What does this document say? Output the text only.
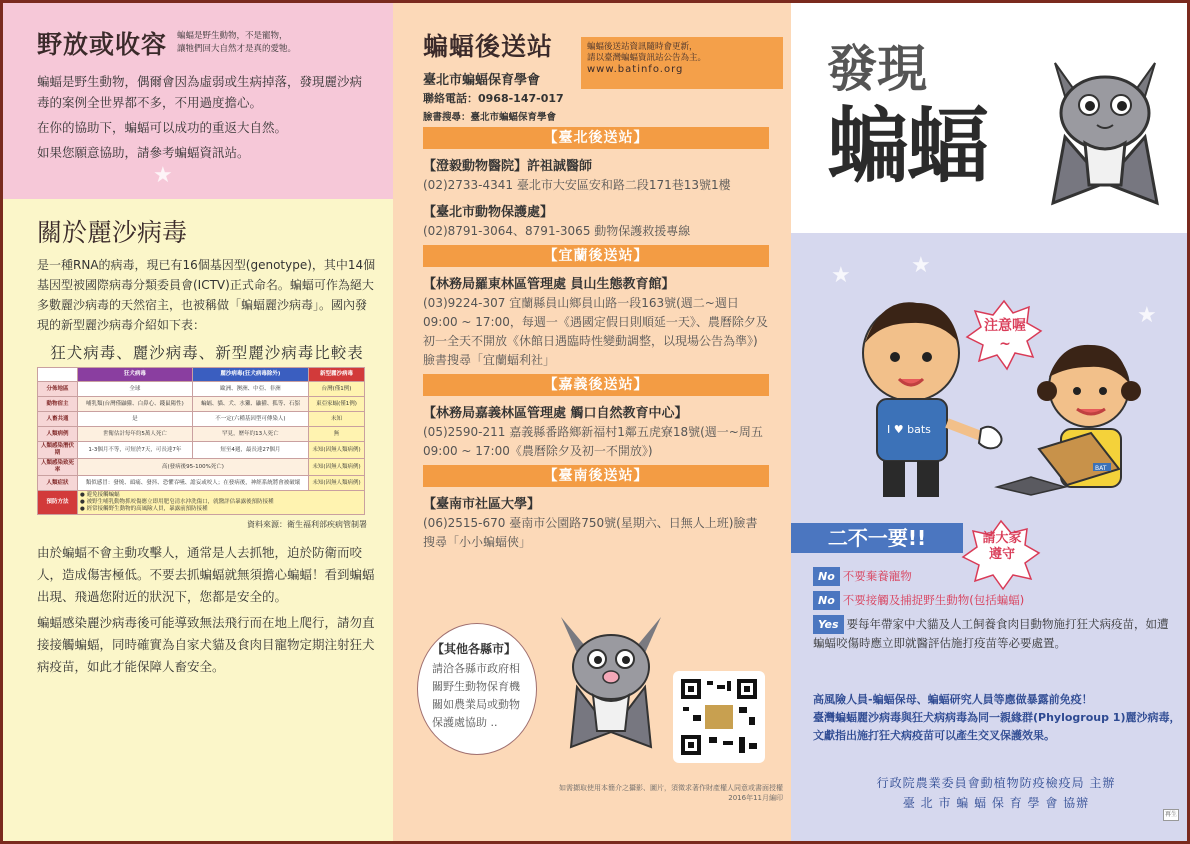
野放或收容 蝙蝠是野生動物，不是寵物，
讓牠們回大自然才是真的愛牠。
蝙蝠是野生動物，偶爾會因為虛弱或生病掉落，發現麗沙病毒的案例全世界都不多，不用過度擔心。
在你的協助下，蝙蝠可以成功的重返大自然。
如果您願意協助，請參考蝙蝠資訊站。
★
關於麗沙病毒
是一種RNA的病毒，現已有16個基因型(genotype)，其中14個基因型被國際病毒分類委員會(ICTV)正式命名。蝙蝠可作為絕大多數麗沙病毒的天然宿主，也被稱做「蝙蝠麗沙病毒」。國內發現的新型麗沙病毒介紹如下表：
狂犬病毒、麗沙病毒、新型麗沙病毒比較表
	狂犬病毒	麗沙病毒(狂犬病毒除外)	新型麗沙病毒
分佈地區	全球	歐洲、澳洲、中亞、非洲	台灣(僅1例)
動物宿主	哺乳類(台灣僅鼬獾、白鼻心、錢鼠陽性)	蝙蝠、貓、犬、水獺、鼬獾、狐等、石貂	東亞家蝠(僅1例)
人畜共通	是	不一定(六種基因型可傳染人)	未知
人類病例	世衛估計每年約5萬人死亡	罕見，歷年約13人死亡	無
人類感染潛伏期	1-3個月不等，可短於7天，可長達7年	短至4週，最長達27個月	未知(因無人類病例)
人類感染致死率	高(發病後95-100%死亡)		未知(因無人類病例)
人類症狀	類似感冒：發燒、頭痛、發抖、恐懼吞嚥、譫妄或咬人；在發病後，神經系統將會被破壞		未知(因無人類病例)
預防方法	● 避免接觸蝙蝠
● 被野生哺乳動物抓咬傷應立即用肥皂清水沖洗傷口，就醫評估暴露後預防接種
● 經常接觸野生動物的高風險人員，暴露前預防接種		
資料來源：衛生福利部疾病管制署
由於蝙蝠不會主動攻擊人，通常是人去抓牠，迫於防衛而咬人，造成傷害極低。不要去抓蝙蝠就無須擔心蝙蝠！看到蝙蝠出現、飛過您附近的狀況下，您都是安全的。
蝙蝠感染麗沙病毒後可能導致無法飛行而在地上爬行，請勿直接接觸蝙蝠，同時確實為自家犬貓及食肉目寵物定期注射狂犬病疫苗，如此才能保障人畜安全。
蝙蝠後送站
臺北市蝙蝠保育學會
聯絡電話：0968-147-017
臉書搜尋：臺北市蝙蝠保育學會
【臺北後送站】
【澄毅動物醫院】許祖誠醫師
(02)2733-4341 臺北市大安區安和路二段171巷13號1樓
【臺北市動物保護處】
(02)8791-3064、8791-3065 動物保護救援專線
【宜蘭後送站】
【林務局羅東林區管理處 員山生態教育館】
(03)9224-307 宜蘭縣員山鄉員山路一段163號(週二~週日 09:00 ~ 17:00，每週一《遇國定假日則順延一天》、農曆除夕及初一全天不開放《休館日遇臨時性變動調整，以現場公告為準》)臉書搜尋「宜蘭蝠利社」
【嘉義後送站】
【林務局嘉義林區管理處 觸口自然教育中心】
(05)2590-211 嘉義縣番路鄉新福村1鄰五虎寮18號(週一~周五 09:00 ~ 17:00《農曆除夕及初一不開放》)
【臺南後送站】
【臺南市社區大學】
(06)2515-670 臺南市公園路750號(星期六、日無人上班)臉書搜尋「小小蝙蝠俠」
蝙蝠後送站資訊隨時會更新，
請以臺灣蝙蝠資訊站公告為主。
www.batinfo.org
【其他各縣市】
請洽各縣市政府相關野生動物保育機關如農業局或動物保護處協助 ..
如需擷取使用本簡介之攝影、圖片，須徵求著作財產權人同意或書面授權
2016年11月編印
發現
蝙蝠
★	★
★
I ♥ bats
BAT
注意喔~
二不一要!!	請大家遵守
No 不要棄養寵物
No 不要接觸及捕捉野生動物(包括蝙蝠)
Yes 要每年帶家中犬貓及人工飼養食肉目動物施打狂犬病疫苗，如遭蝙蝠咬傷時應立即就醫評估施打疫苗等必要處置。
高風險人員-蝙蝠保母、蝙蝠研究人員等應做暴露前免疫！
臺灣蝙蝠麗沙病毒與狂犬病病毒為同一親緣群(Phylogroup 1)麗沙病毒，文獻指出施打狂犬病疫苗可以產生交叉保護效果。
行政院農業委員會動植物防疫檢疫局 主辦
臺 北 市 蝙 蝠 保 育 學 會 協辦
再生
